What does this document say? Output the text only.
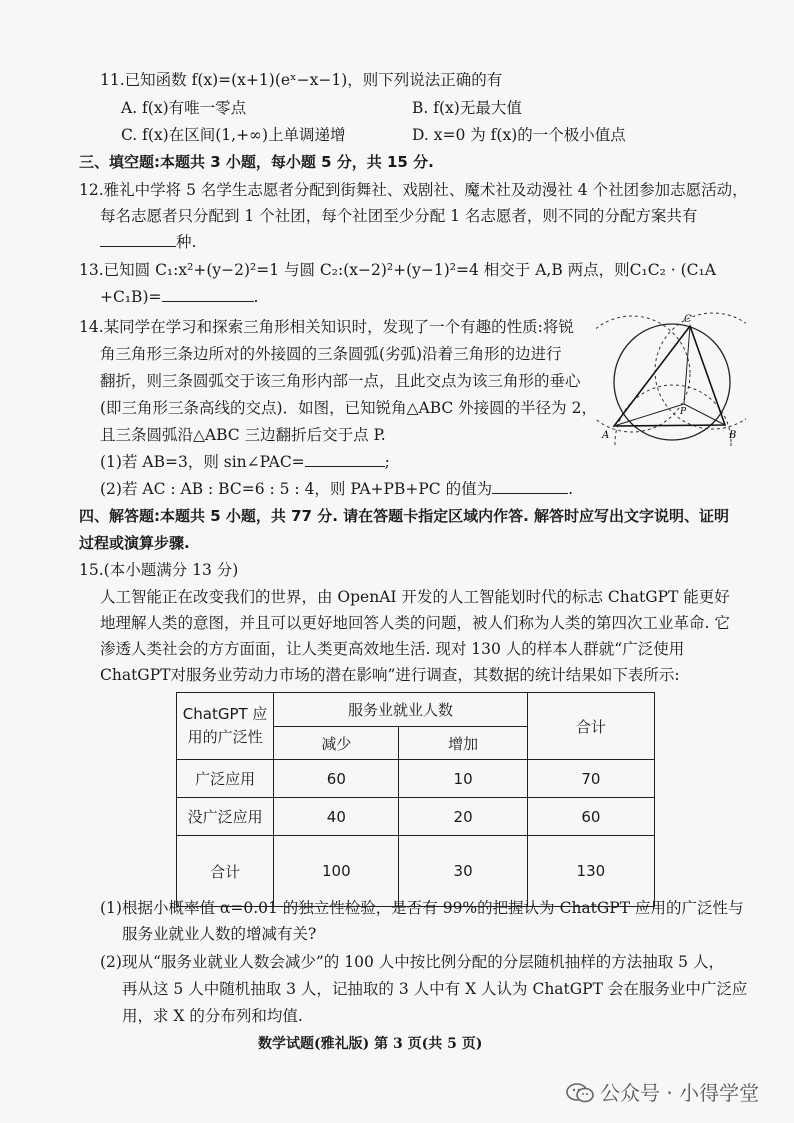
11.已知函数 f(x)=(x+1)(eˣ−x−1)，则下列说法正确的有
A. f(x)有唯一零点	B. f(x)无最大值
C. f(x)在区间(1,+∞)上单调递增	D. x=0 为 f(x)的一个极小值点
三、填空题:本题共 3 小题，每小题 5 分，共 15 分.
12.雅礼中学将 5 名学生志愿者分配到街舞社、戏剧社、魔术社及动漫社 4 个社团参加志愿活动，
每名志愿者只分配到 1 个社团，每个社团至少分配 1 名志愿者，则不同的分配方案共有
种.
13.已知圆 C₁:x²+(y−2)²=1 与圆 C₂:(x−2)²+(y−1)²=4 相交于 A,B 两点，则C₁C₂ · (C₁A
+C₁B)=	.
14.某同学在学习和探索三角形相关知识时，发现了一个有趣的性质:将锐
角三角形三条边所对的外接圆的三条圆弧(劣弧)沿着三角形的边进行
翻折，则三条圆弧交于该三角形内部一点，且此交点为该三角形的垂心
(即三角形三条高线的交点)．如图，已知锐角△ABC 外接圆的半径为 2，
且三条圆弧沿△ABC 三边翻折后交于点 P.
(1)若 AB=3，则 sin∠PAC=	;
(2)若 AC : AB : BC=6 : 5 : 4，则 PA+PB+PC 的值为	.
A	B
C
P
四、解答题:本题共 5 小题，共 77 分. 请在答题卡指定区域内作答. 解答时应写出文字说明、证明
过程或演算步骤.
15.(本小题满分 13 分)
人工智能正在改变我们的世界，由 OpenAI 开发的人工智能划时代的标志 ChatGPT 能更好
地理解人类的意图，并且可以更好地回答人类的问题，被人们称为人类的第四次工业革命. 它
渗透人类社会的方方面面，让人类更高效地生活. 现对 130 人的样本人群就“广泛使用
ChatGPT对服务业劳动力市场的潜在影响”进行调查，其数据的统计结果如下表所示:
ChatGPT 应
用的广泛性	服务业就业人数		合计
	减少	增加	
广泛应用	60	10	70
没广泛应用	40	20	60
合计	100	30	130
(1)根据小概率值 α=0.01 的独立性检验，是否有 99%的把握认为 ChatGPT 应用的广泛性与
服务业就业人数的增减有关?
(2)现从“服务业就业人数会减少”的 100 人中按比例分配的分层随机抽样的方法抽取 5 人，
再从这 5 人中随机抽取 3 人，记抽取的 3 人中有 X 人认为 ChatGPT 会在服务业中广泛应
用，求 X 的分布列和均值.
数学试题(雅礼版) 第 3 页(共 5 页)
公众号 · 小得学堂
